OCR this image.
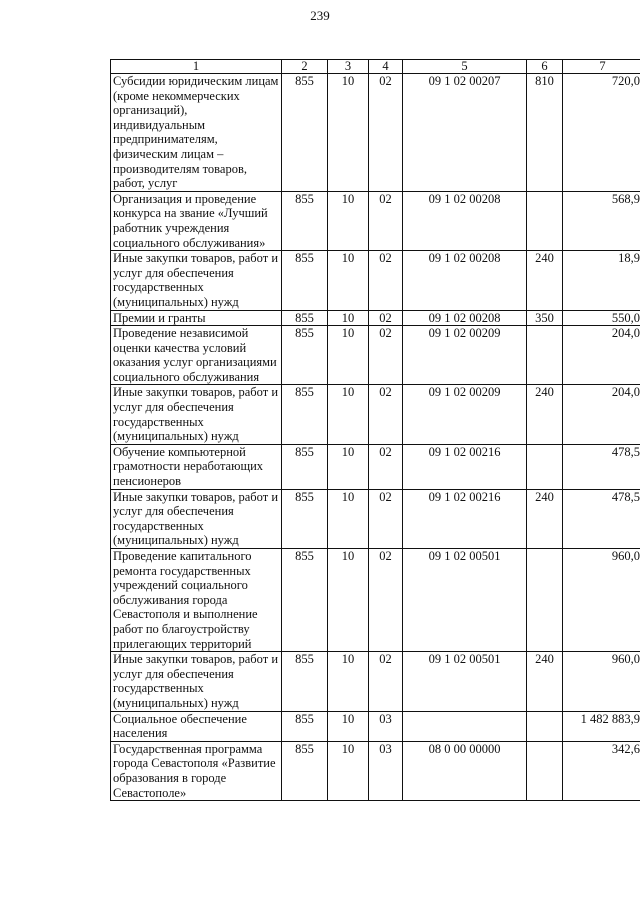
239
1	2	3	4	5	6	7
Субсидии юридическим лицам (кроме некоммерческих организаций), индивидуальным предпринимателям, физическим лицам – производителям товаров, работ, услуг	855	10	02	09 1 02 00207	810	720,0
Организация и проведение конкурса на звание «Лучший работник учреждения социального обслуживания»	855	10	02	09 1 02 00208		568,9
Иные закупки товаров, работ и услуг для обеспечения государственных (муниципальных) нужд	855	10	02	09 1 02 00208	240	18,9
Премии и гранты	855	10	02	09 1 02 00208	350	550,0
Проведение независимой оценки качества условий оказания услуг организациями социального обслуживания	855	10	02	09 1 02 00209		204,0
Иные закупки товаров, работ и услуг для обеспечения государственных (муниципальных) нужд	855	10	02	09 1 02 00209	240	204,0
Обучение компьютерной грамотности неработающих пенсионеров	855	10	02	09 1 02 00216		478,5
Иные закупки товаров, работ и услуг для обеспечения государственных (муниципальных) нужд	855	10	02	09 1 02 00216	240	478,5
Проведение капитального ремонта государственных учреждений социального обслуживания города Севастополя и выполнение работ по благоустройству прилегающих территорий	855	10	02	09 1 02 00501		960,0
Иные закупки товаров, работ и услуг для обеспечения государственных (муниципальных) нужд	855	10	02	09 1 02 00501	240	960,0
Социальное обеспечение населения	855	10	03			1 482 883,9
Государственная программа города Севастополя «Развитие образования в городе Севастополе»	855	10	03	08 0 00 00000		342,6
